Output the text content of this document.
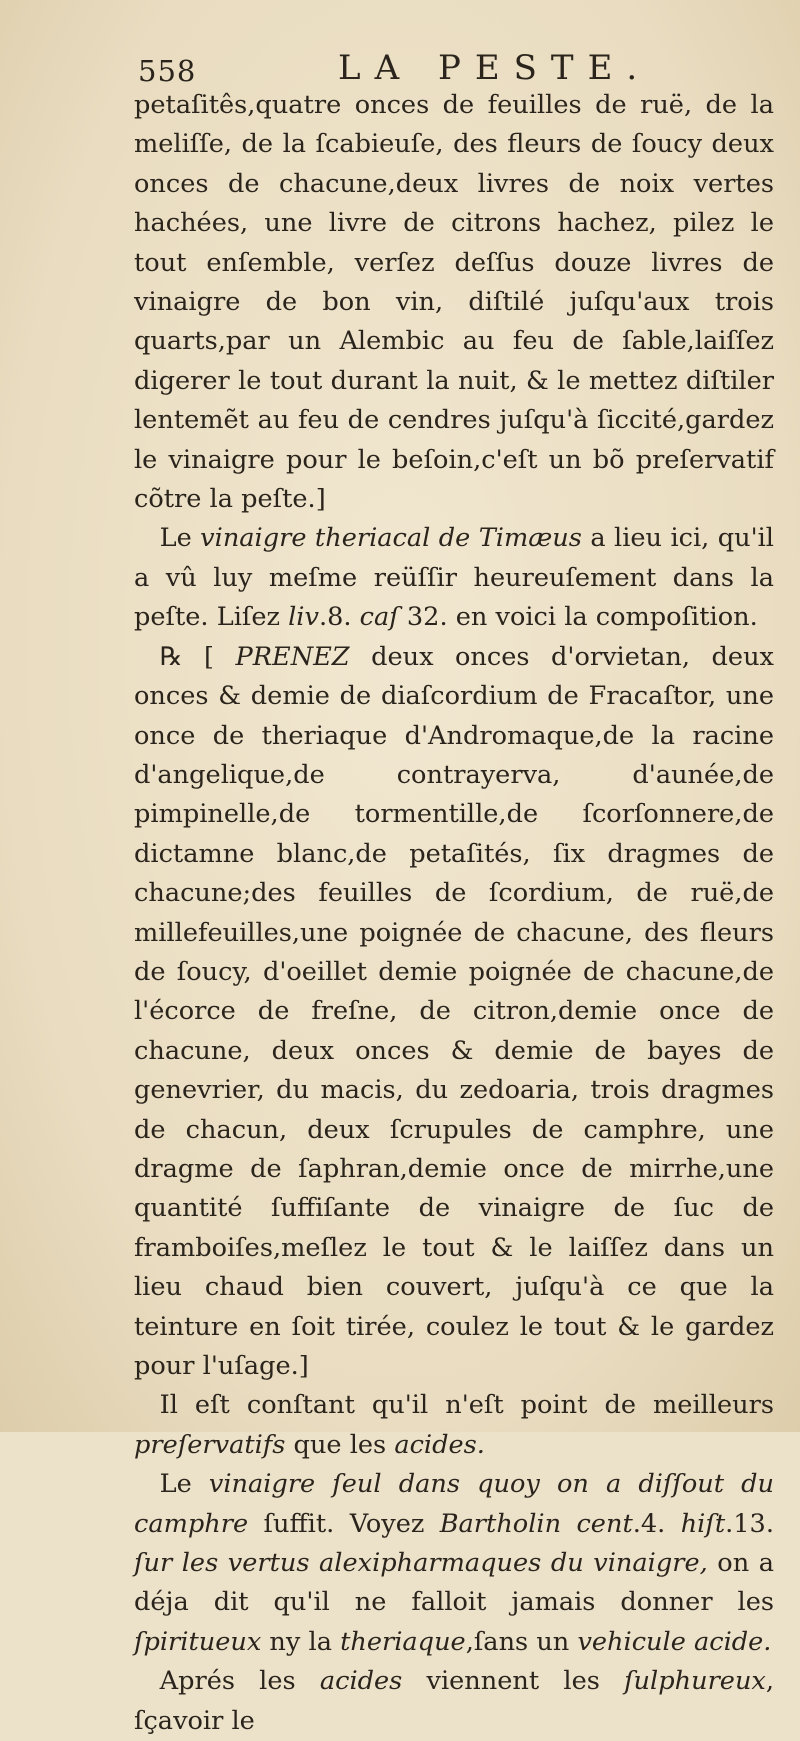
558	LA PESTE.

petaſitês,quatre onces de feuilles de ruë, de la meliſſe, de la ſcabieuſe, des fleurs de ſoucy deux onces de chacune,deux livres de noix vertes hachées, une livre de citrons hachez, pilez le tout enſemble, verſez deſſus douze livres de vinaigre de bon vin, diſtilé juſqu'aux trois quarts,par un Alembic au feu de ſable,laiſſez digerer le tout durant la nuit, & le mettez diſtiler lentemẽt au feu de cendres juſqu'à ſiccité,gardez le vinaigre pour le beſoin,c'eſt un bõ preſervatif cõtre la peſte.]

Le vinaigre theriacal de Timæus a lieu ici, qu'il a vû luy meſme reüſſir heureuſement dans la peſte. Liſez liv.8. caſ 32. en voici la compoſition.

℞ [ PRENEZ deux onces d'orvietan, deux onces & demie de diaſcordium de Fracaſtor, une once de theriaque d'Andromaque,de la racine d'angelique,de contrayerva, d'aunée,de pimpinelle,de tormentille,de ſcorſonnere,de dictamne blanc,de petaſités, ſix dragmes de chacune;des feuilles de ſcordium, de ruë,de millefeuilles,une poignée de chacune, des fleurs de ſoucy, d'oeillet demie poignée de chacune,de l'écorce de freſne, de citron,demie once de chacune, deux onces & demie de bayes de genevrier, du macis, du zedoaria, trois dragmes de chacun, deux ſcrupules de camphre, une dragme de ſaphran,demie once de mirrhe,une quantité ſuffiſante de vinaigre de ſuc de framboiſes,meſlez le tout & le laiſſez dans un lieu chaud bien couvert, juſqu'à ce que la teinture en ſoit tirée, coulez le tout & le gardez pour l'uſage.]

Il eſt conſtant qu'il n'eſt point de meilleurs preſervatifs que les acides.

Le vinaigre ſeul dans quoy on a diſſout du camphre ſuffit. Voyez Bartholin cent.4. hiſt.13. ſur les vertus alexipharmaques du vinaigre, on a déja dit qu'il ne falloit jamais donner les ſpiritueux ny la theriaque,ſans un vehicule acide.

Aprés les acides viennent les ſulphureux, ſçavoir le
